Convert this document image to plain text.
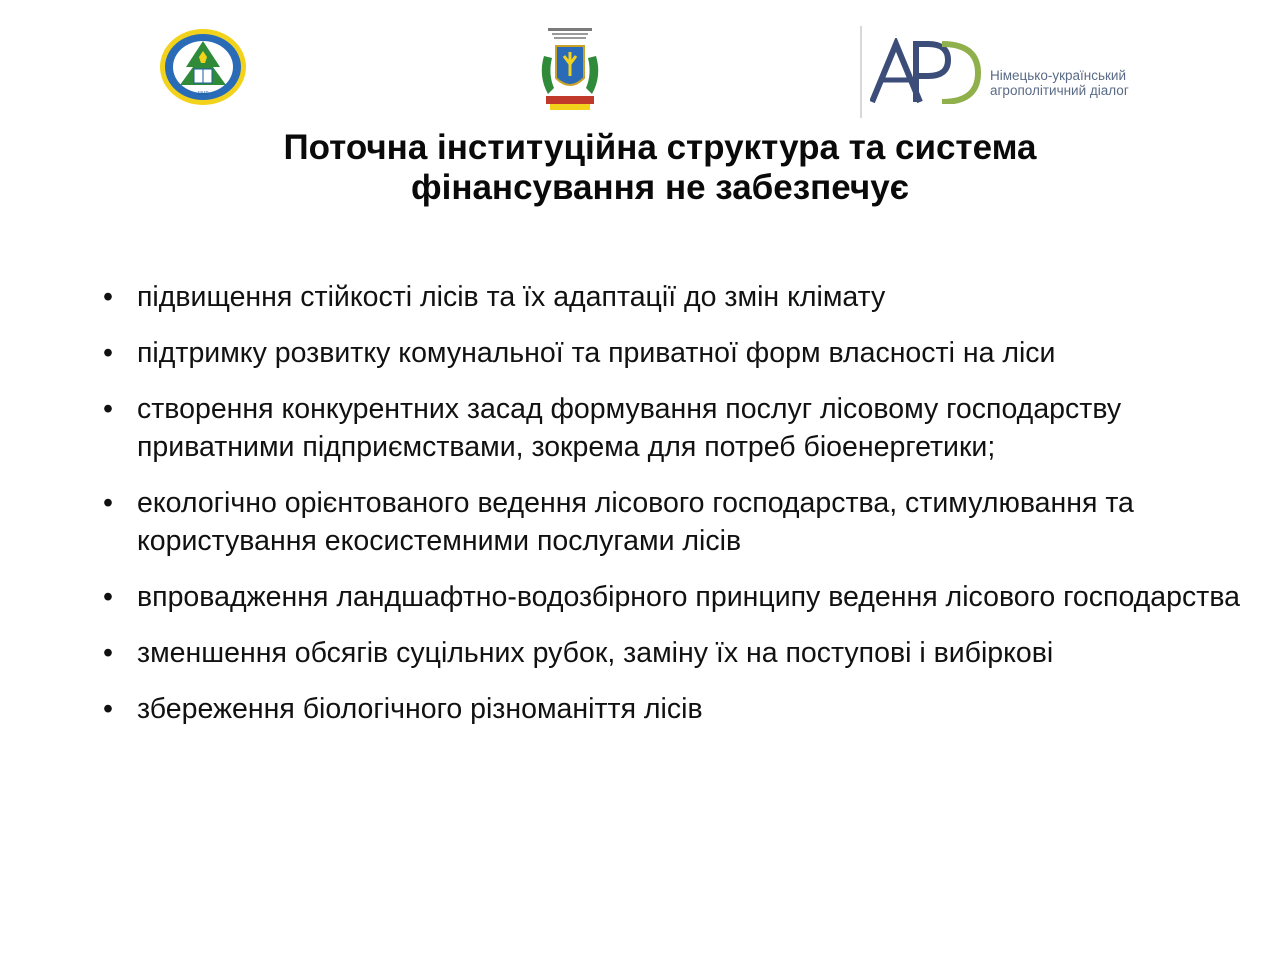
1840
Німецько-український
агрополітичний діалог
Поточна інституційна структура та система
фінансування не забезпечує
• підвищення стійкості лісів та їх адаптації до змін клімату
• підтримку розвитку комунальної та приватної форм власності на ліси
• створення конкурентних засад формування послуг лісовому господарству приватними підприємствами, зокрема для потреб біоенергетики;
• екологічно орієнтованого ведення лісового господарства, стимулювання та користування екосистемними послугами лісів
• впровадження ландшафтно-водозбірного принципу ведення лісового господарства
• зменшення обсягів суцільних рубок, заміну їх на поступові і вибіркові
• збереження біологічного різноманіття лісів
